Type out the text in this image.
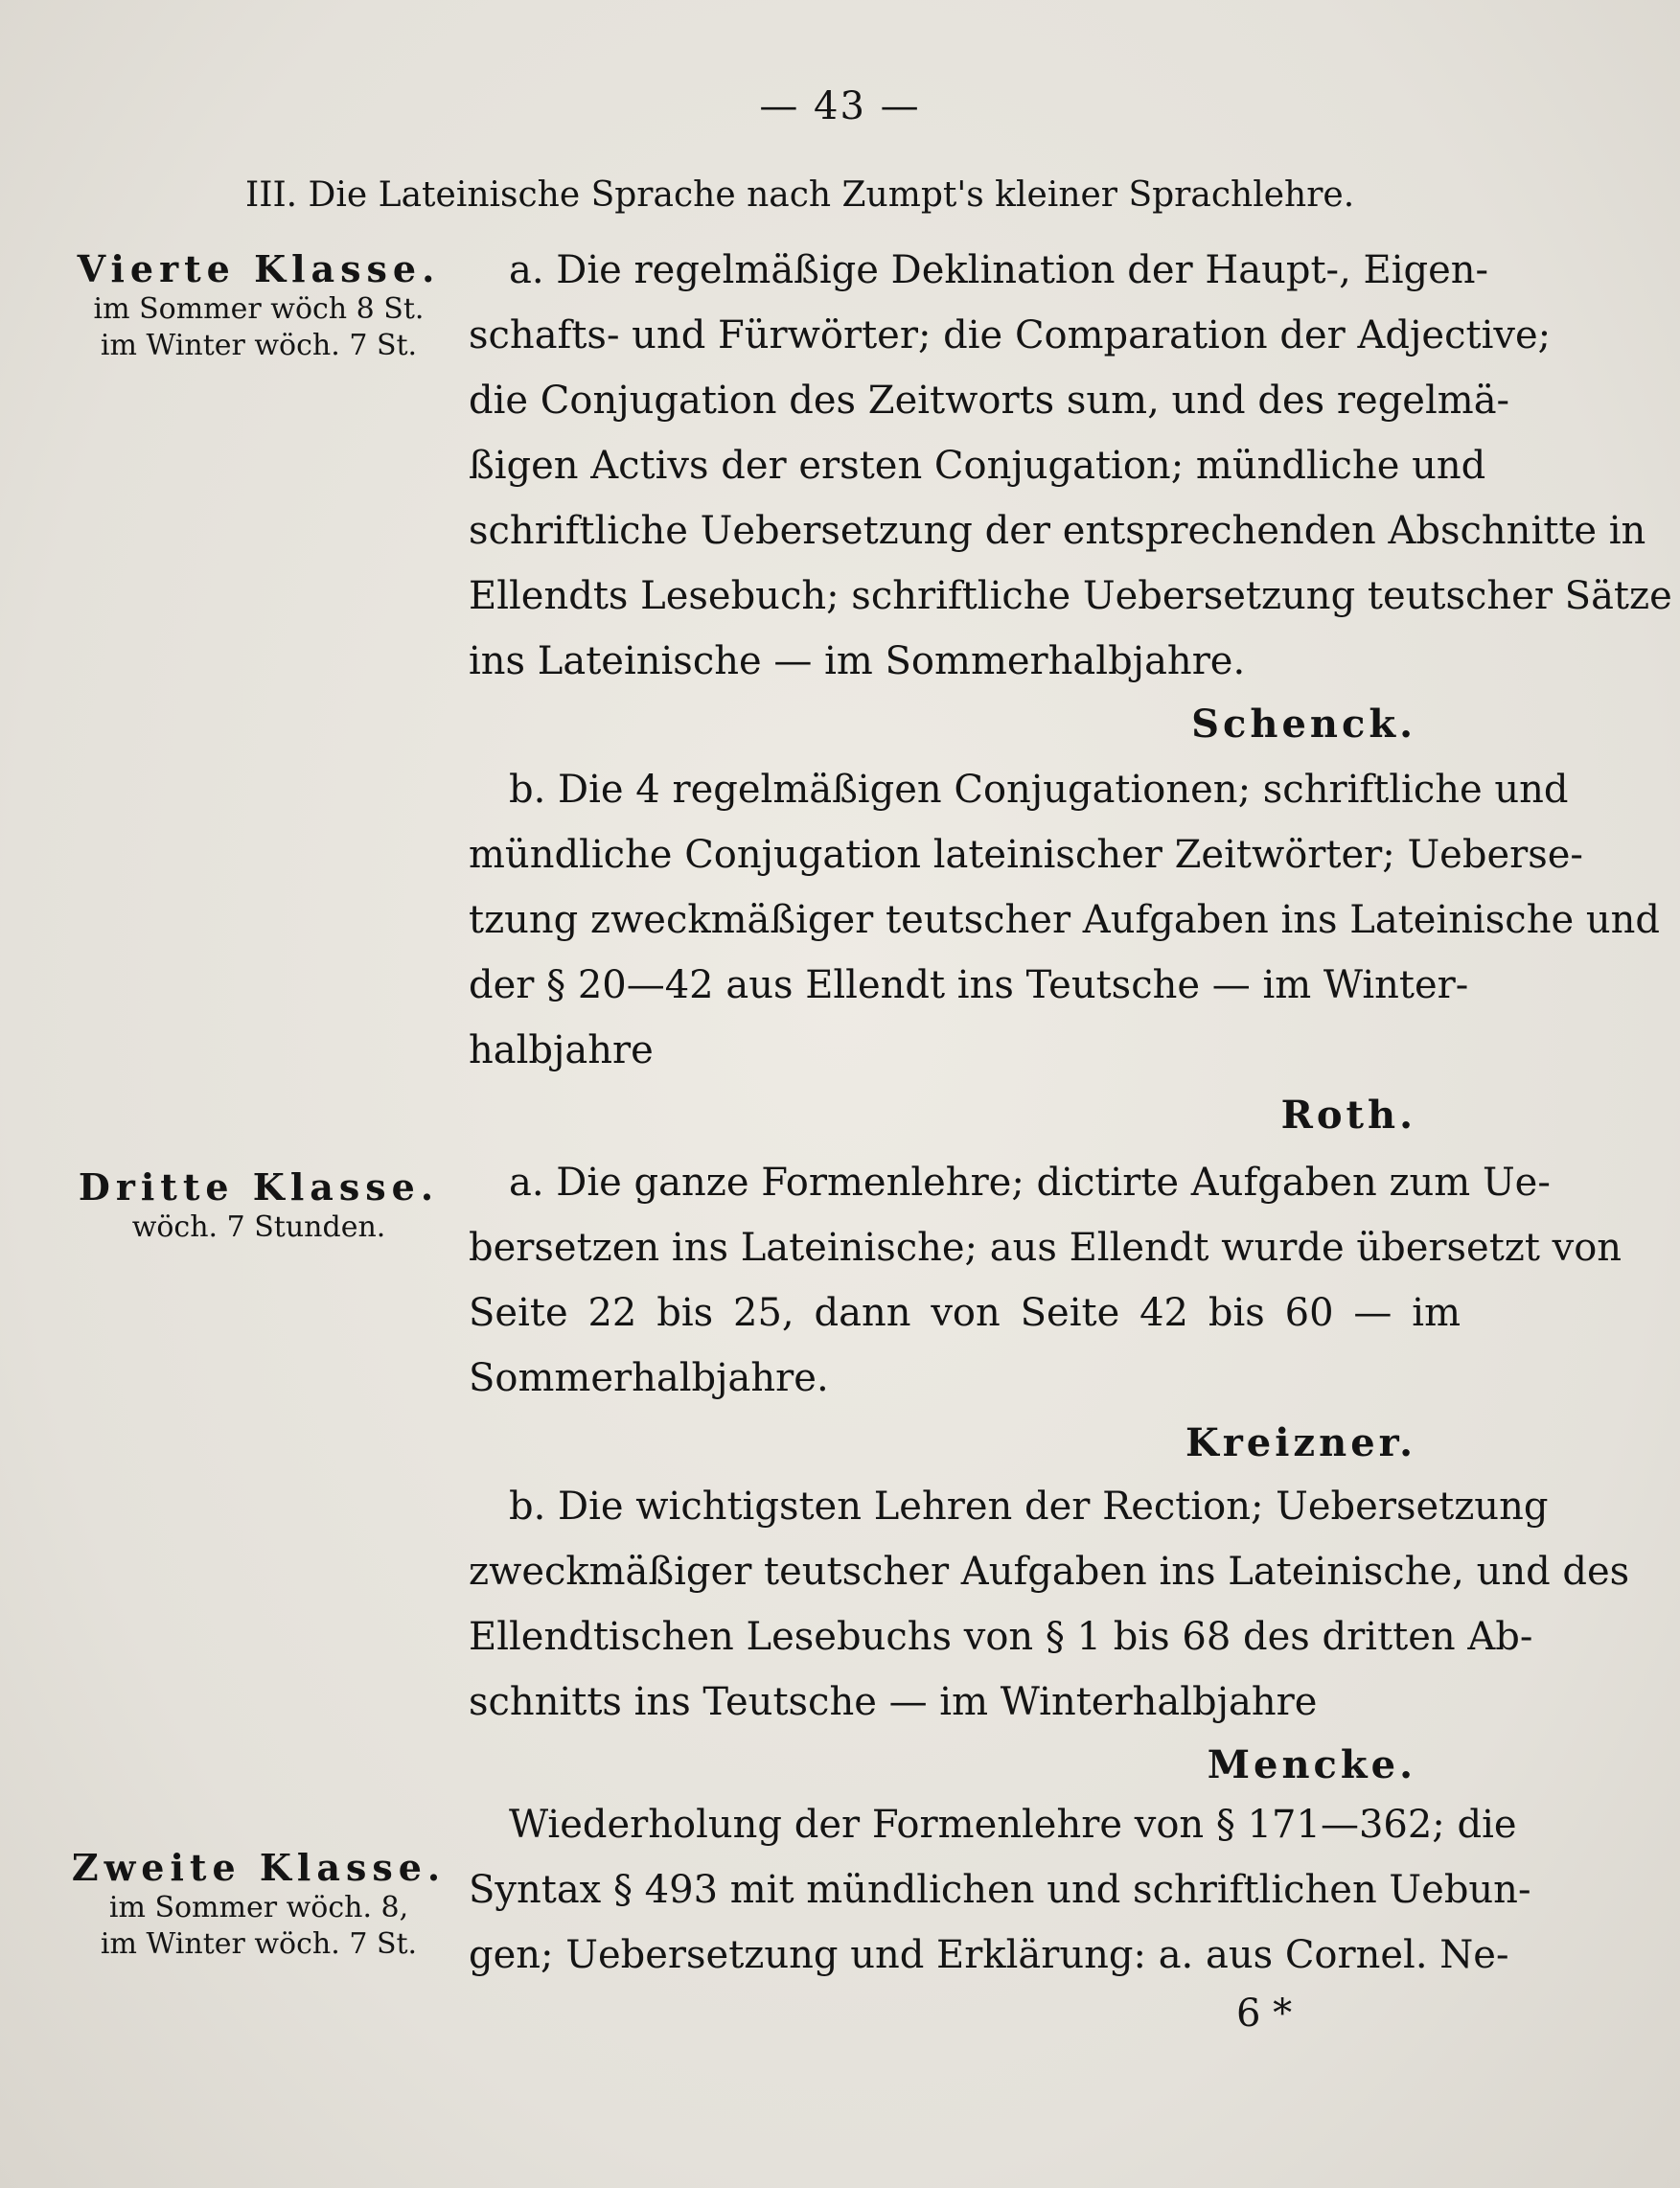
— 43 —
III. Die Lateinische Sprache nach Zumpt's kleiner Sprachlehre.
Vierte Klasse.
im Sommer wöch 8 St.
im Winter wöch. 7 St.
a. Die regelmäßige Deklination der Haupt-, Eigen-
schafts- und Fürwörter; die Comparation der Adjective;
die Conjugation des Zeitworts sum, und des regelmä-
ßigen Activs der ersten Conjugation; mündliche und
schriftliche Uebersetzung der entsprechenden Abschnitte in
Ellendts Lesebuch; schriftliche Uebersetzung teutscher Sätze
ins Lateinische — im Sommerhalbjahre.
Schenck.
b. Die 4 regelmäßigen Conjugationen; schriftliche und
mündliche Conjugation lateinischer Zeitwörter; Ueberse-
tzung zweckmäßiger teutscher Aufgaben ins Lateinische und
der § 20—42 aus Ellendt ins Teutsche — im Winter-
halbjahre
Roth.
Dritte Klasse.
wöch. 7 Stunden.
a. Die ganze Formenlehre; dictirte Aufgaben zum Ue-
bersetzen ins Lateinische; aus Ellendt wurde übersetzt von
Seite 22 bis 25, dann von Seite 42 bis 60 — im
Sommerhalbjahre.
Kreizner.
b. Die wichtigsten Lehren der Rection; Uebersetzung
zweckmäßiger teutscher Aufgaben ins Lateinische, und des
Ellendtischen Lesebuchs von § 1 bis 68 des dritten Ab-
schnitts ins Teutsche — im Winterhalbjahre
Mencke.
Zweite Klasse.
im Sommer wöch. 8,
im Winter wöch. 7 St.
Wiederholung der Formenlehre von § 171—362; die
Syntax § 493 mit mündlichen und schriftlichen Uebun-
gen; Uebersetzung und Erklärung: a. aus Cornel. Ne-
6 *
